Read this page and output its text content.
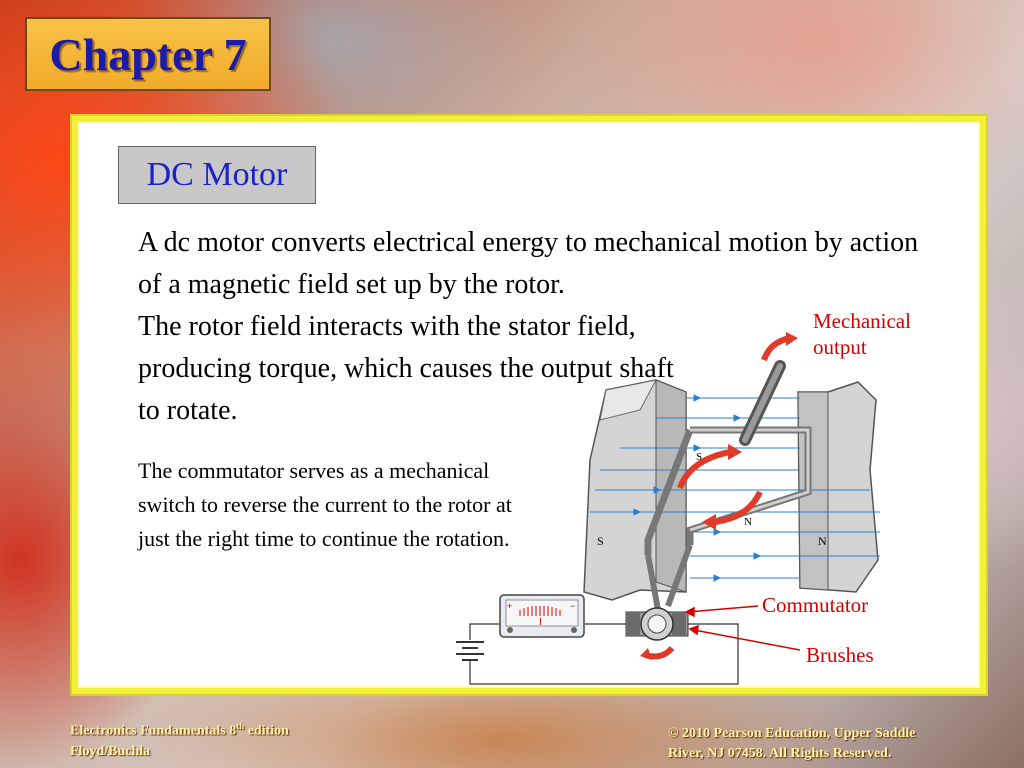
Chapter 7
DC Motor
A dc motor converts electrical energy to mechanical motion by action of a magnetic field set up by the rotor.
The rotor field interacts with the stator field, producing torque, which causes the output shaft to rotate.
The commutator serves as a mechanical switch to reverse the current to the rotor at just the right time to continue the rotation.	S	N
S
N
+	−
I
Mechanical output
Commutator
Brushes
Electronics Fundamentals 8th edition
Floyd/Buchla
© 2010 Pearson Education, Upper Saddle
River, NJ 07458. All Rights Reserved.
